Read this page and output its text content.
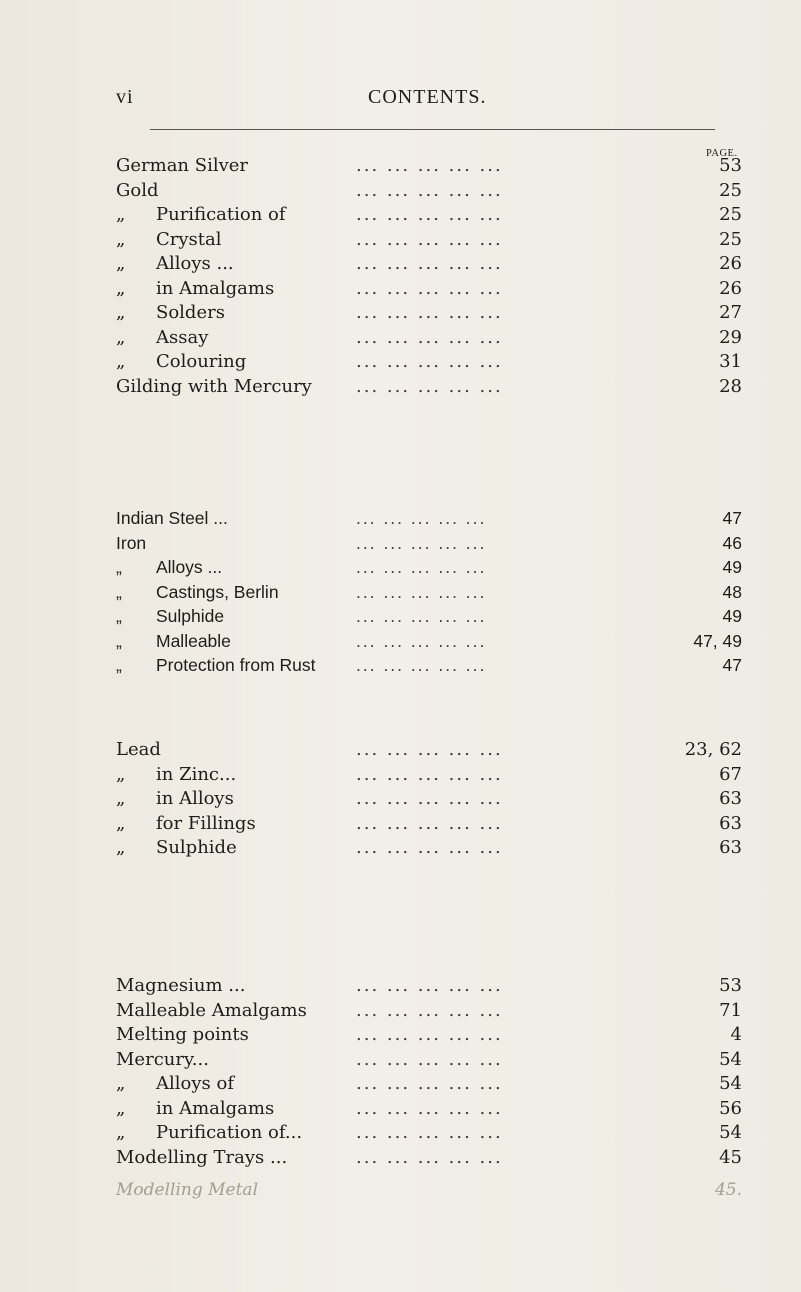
vi	CONTENTS.
PAGE.
German Silver	... ... ... ... ...	53
Gold	... ... ... ... ...	25
„ Purification of	... ... ... ... ...	25
„ Crystal	... ... ... ... ...	25
„ Alloys ...	... ... ... ... ...	26
„ in Amalgams	... ... ... ... ...	26
„ Solders	... ... ... ... ...	27
„ Assay	... ... ... ... ...	29
„ Colouring	... ... ... ... ...	31
Gilding with Mercury ... ... ... ... ...	28
Indian Steel ...	... ... ... ... ...	47
Iron	... ... ... ... ...	46
„ Alloys ...	... ... ... ... ...	49
„ Castings, Berlin	... ... ... ... ...	48
„ Sulphide	... ... ... ... ...	49
„ Malleable	... ... ... ... ...	47, 49
„ Protection from Rust ... ... ... ... ...	47
Lead	... ... ... ... ...	23, 62
„ in Zinc...	... ... ... ... ...	67
„ in Alloys	... ... ... ... ...	63
„ for Fillings	... ... ... ... ...	63
„ Sulphide	... ... ... ... ...	63
Magnesium ...	... ... ... ... ...	53
Malleable Amalgams	... ... ... ... ...	71
Melting points	... ... ... ... ...	4
Mercury...	... ... ... ... ...	54
„ Alloys of	... ... ... ... ...	54
„ in Amalgams	... ... ... ... ...	56
„ Purification of...	... ... ... ... ...	54
Modelling Trays ...	... ... ... ... ...	45
Modelling Metal	45.
